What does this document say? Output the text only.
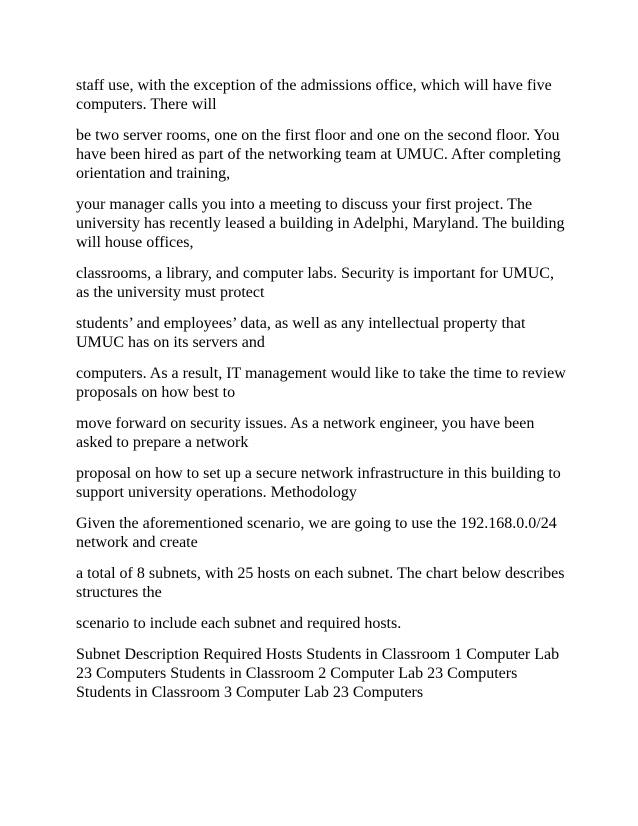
staff use, with the exception of the admissions office, which will have five computers. There will

be two server rooms, one on the first floor and one on the second floor. You have been hired as part of the networking team at UMUC. After completing orientation and training,

your manager calls you into a meeting to discuss your first project. The university has recently leased a building in Adelphi, Maryland. The building will house offices,

classrooms, a library, and computer labs. Security is important for UMUC, as the university must protect

students’ and employees’ data, as well as any intellectual property that UMUC has on its servers and

computers. As a result, IT management would like to take the time to review proposals on how best to

move forward on security issues. As a network engineer, you have been asked to prepare a network

proposal on how to set up a secure network infrastructure in this building to support university operations. Methodology

Given the aforementioned scenario, we are going to use the 192.168.0.0/24 network and create

a total of 8 subnets, with 25 hosts on each subnet. The chart below describes structures the

scenario to include each subnet and required hosts.

Subnet Description Required Hosts Students in Classroom 1 Computer Lab 23 Computers Students in Classroom 2 Computer Lab 23 Computers Students in Classroom 3 Computer Lab 23 Computers
